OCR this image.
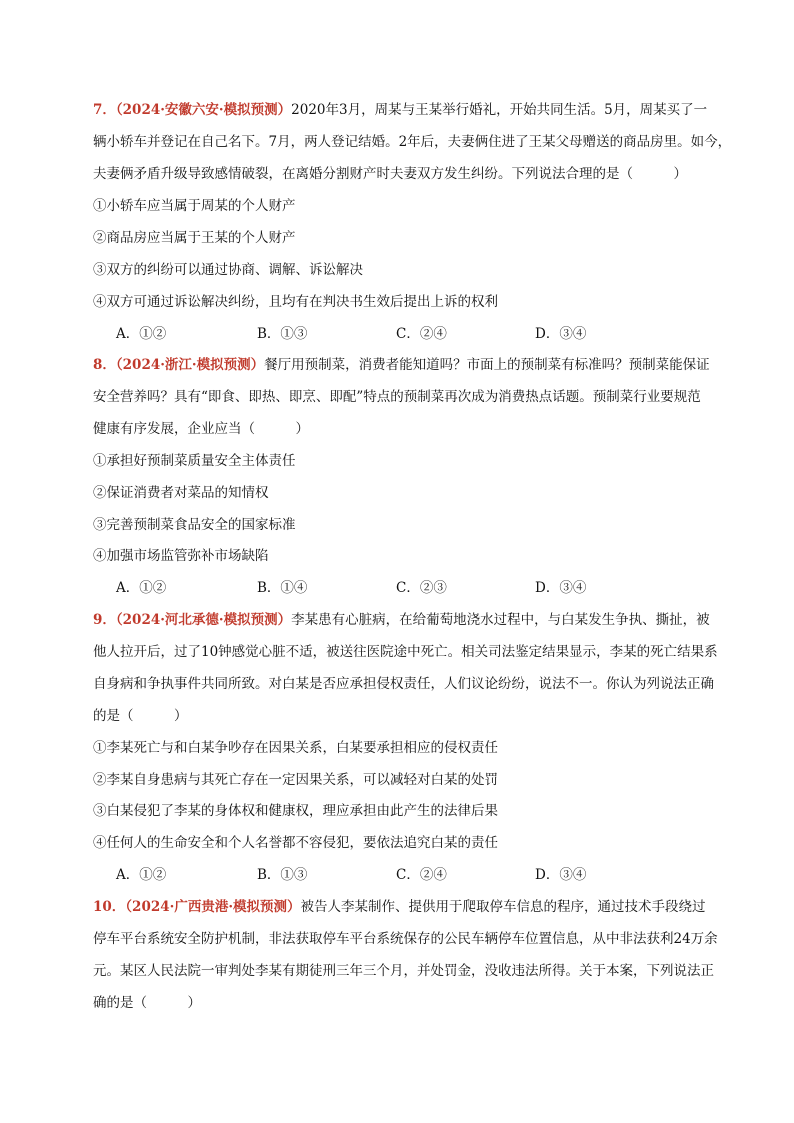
7．（2024·安徽六安·模拟预测）2020年3月，周某与王某举行婚礼，开始共同生活。5月，周某买了一
辆小轿车并登记在自己名下。7月，两人登记结婚。2年后，夫妻俩住进了王某父母赠送的商品房里。如今，
夫妻俩矛盾升级导致感情破裂，在离婚分割财产时夫妻双方发生纠纷。下列说法合理的是（　　　）
①小轿车应当属于周某的个人财产
②商品房应当属于王某的个人财产
③双方的纠纷可以通过协商、调解、诉讼解决
④双方可通过诉讼解决纠纷，且均有在判决书生效后提出上诉的权利
A．①②	B．①③	C．②④	D．③④
8．（2024·浙江·模拟预测）餐厅用预制菜，消费者能知道吗？市面上的预制菜有标准吗？预制菜能保证
安全营养吗？具有“即食、即热、即烹、即配”特点的预制菜再次成为消费热点话题。预制菜行业要规范
健康有序发展，企业应当（　　　）
①承担好预制菜质量安全主体责任
②保证消费者对菜品的知情权
③完善预制菜食品安全的国家标准
④加强市场监管弥补市场缺陷
A．①②	B．①④	C．②③	D．③④
9．（2024·河北承德·模拟预测）李某患有心脏病，在给葡萄地浇水过程中，与白某发生争执、撕扯，被
他人拉开后，过了10钟感觉心脏不适，被送往医院途中死亡。相关司法鉴定结果显示，李某的死亡结果系
自身病和争执事件共同所致。对白某是否应承担侵权责任，人们议论纷纷，说法不一。你认为列说法正确
的是（　　　）
①李某死亡与和白某争吵存在因果关系，白某要承担相应的侵权责任
②李某自身患病与其死亡存在一定因果关系，可以减轻对白某的处罚
③白某侵犯了李某的身体权和健康权，理应承担由此产生的法律后果
④任何人的生命安全和个人名誉都不容侵犯，要依法追究白某的责任
A．①②	B．①③	C．②④	D．③④
10．（2024·广西贵港·模拟预测）被告人李某制作、提供用于爬取停车信息的程序，通过技术手段绕过
停车平台系统安全防护机制，非法获取停车平台系统保存的公民车辆停车位置信息，从中非法获利24万余
元。某区人民法院一审判处李某有期徒刑三年三个月，并处罚金，没收违法所得。关于本案，下列说法正
确的是（　　　）
